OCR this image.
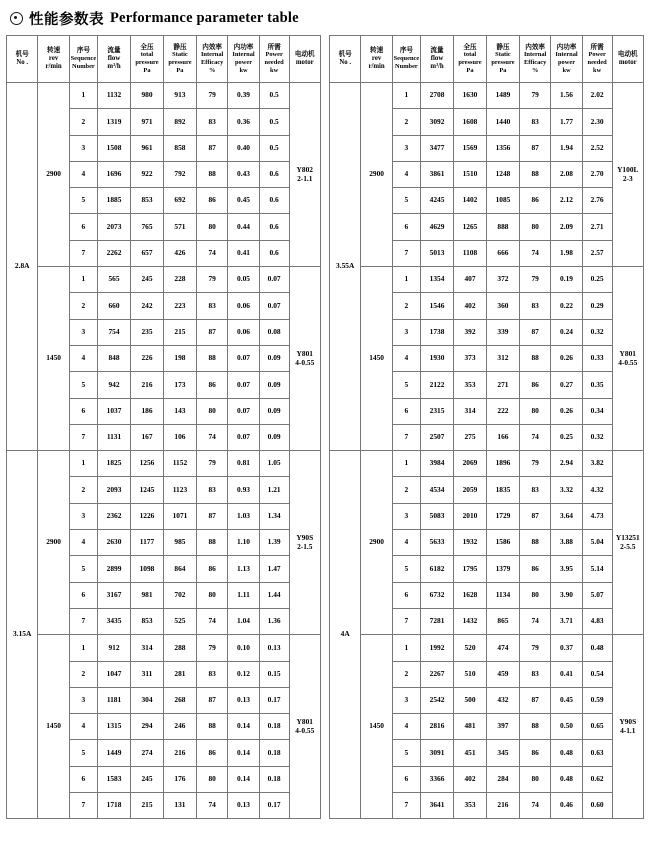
性能参数表 Performance parameter table
机号
No .	转速
rev
r/min	序号
Sequence
Number	流量
flow
m³/h	全压
total
pressure
Pa	静压
Static
pressure
Pa	内效率
Internal
Efficacy
%	内功率
Internal
power
kw	所需
Power
needed
kw	电动机
motor

2.8A	2900	1	1132	980	913	79	0.39	0.5	Y802
2-1.1

		2	1319	971	892	83	0.36	0.5	
		3	1508	961	858	87	0.40	0.5	
		4	1696	922	792	88	0.43	0.6	
		5	1885	853	692	86	0.45	0.6	
		6	2073	765	571	80	0.44	0.6	
		7	2262	657	426	74	0.41	0.6	
	1450	1	565	245	228	79	0.05	0.07	Y801
4-0.55

		2	660	242	223	83	0.06	0.07	
		3	754	235	215	87	0.06	0.08	
		4	848	226	198	88	0.07	0.09	
		5	942	216	173	86	0.07	0.09	
		6	1037	186	143	80	0.07	0.09	
		7	1131	167	106	74	0.07	0.09	
3.15A	2900	1	1825	1256	1152	79	0.81	1.05	Y90S
2-1.5

		2	2093	1245	1123	83	0.93	1.21	
		3	2362	1226	1071	87	1.03	1.34	
		4	2630	1177	985	88	1.10	1.39	
		5	2899	1098	864	86	1.13	1.47	
		6	3167	981	702	80	1.11	1.44	
		7	3435	853	525	74	1.04	1.36	
	1450	1	912	314	288	79	0.10	0.13	Y801
4-0.55

		2	1047	311	281	83	0.12	0.15	
		3	1181	304	268	87	0.13	0.17	
		4	1315	294	246	88	0.14	0.18	
		5	1449	274	216	86	0.14	0.18	
		6	1583	245	176	80	0.14	0.18	
		7	1718	215	131	74	0.13	0.17	
机号
No .	转速
rev
r/min	序号
Sequence
Number	流量
flow
m³/h	全压
total
pressure
Pa	静压
Static
pressure
Pa	内效率
Internal
Efficacy
%	内功率
Internal
power
kw	所需
Power
needed
kw	电动机
motor

3.55A	2900	1	2708	1630	1489	79	1.56	2.02	Y100L
2-3

		2	3092	1608	1440	83	1.77	2.30	
		3	3477	1569	1356	87	1.94	2.52	
		4	3861	1510	1248	88	2.08	2.70	
		5	4245	1402	1085	86	2.12	2.76	
		6	4629	1265	888	80	2.09	2.71	
		7	5013	1108	666	74	1.98	2.57	
	1450	1	1354	407	372	79	0.19	0.25	Y801
4-0.55

		2	1546	402	360	83	0.22	0.29	
		3	1738	392	339	87	0.24	0.32	
		4	1930	373	312	88	0.26	0.33	
		5	2122	353	271	86	0.27	0.35	
		6	2315	314	222	80	0.26	0.34	
		7	2507	275	166	74	0.25	0.32	
4A	2900	1	3984	2069	1896	79	2.94	3.82	Y13251
2-5.5

		2	4534	2059	1835	83	3.32	4.32	
		3	5083	2010	1729	87	3.64	4.73	
		4	5633	1932	1586	88	3.88	5.04	
		5	6182	1795	1379	86	3.95	5.14	
		6	6732	1628	1134	80	3.90	5.07	
		7	7281	1432	865	74	3.71	4.83	
	1450	1	1992	520	474	79	0.37	0.48	Y90S
4-1.1

		2	2267	510	459	83	0.41	0.54	
		3	2542	500	432	87	0.45	0.59	
		4	2816	481	397	88	0.50	0.65	
		5	3091	451	345	86	0.48	0.63	
		6	3366	402	284	80	0.48	0.62	
		7	3641	353	216	74	0.46	0.60	
